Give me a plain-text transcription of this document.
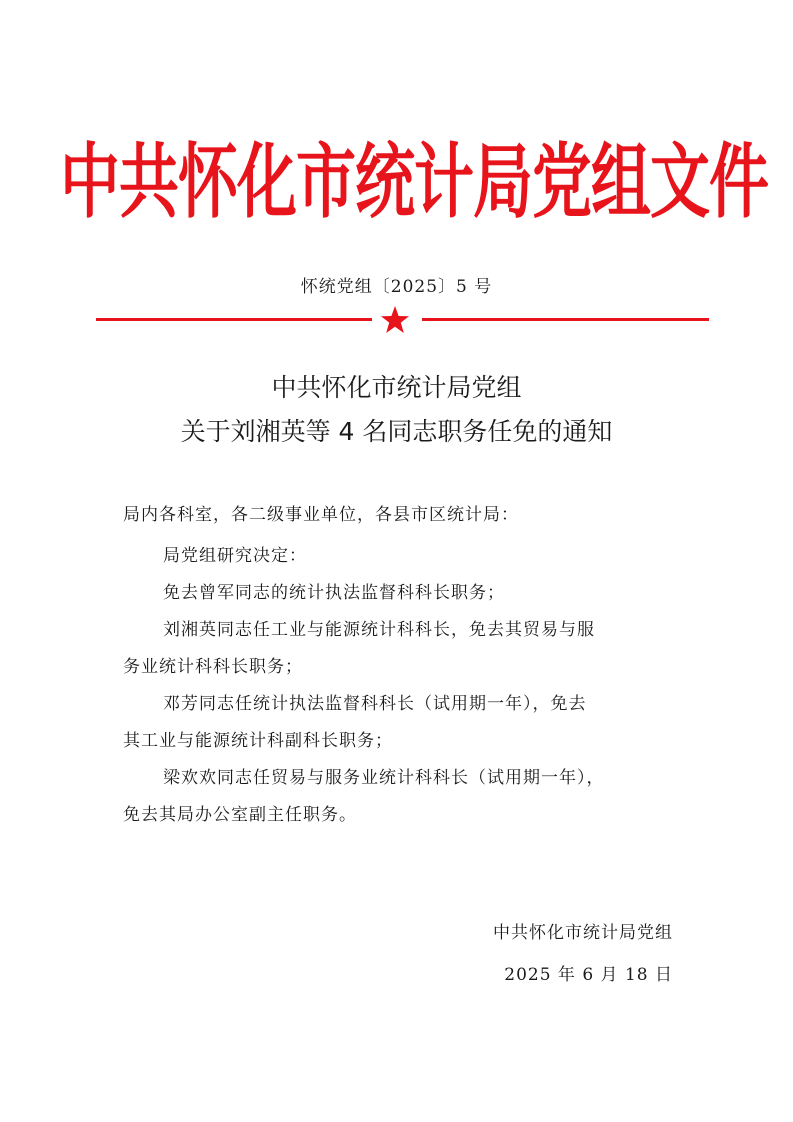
中共怀化市统计局党组文件
怀统党组〔2025〕5 号
中共怀化市统计局党组
关于刘湘英等 4 名同志职务任免的通知
局内各科室，各二级事业单位，各县市区统计局：
局党组研究决定：
免去曾军同志的统计执法监督科科长职务；
刘湘英同志任工业与能源统计科科长，免去其贸易与服
务业统计科科长职务；
邓芳同志任统计执法监督科科长（试用期一年），免去
其工业与能源统计科副科长职务；
梁欢欢同志任贸易与服务业统计科科长（试用期一年），
免去其局办公室副主任职务。
中共怀化市统计局党组
2025 年 6 月 18 日
